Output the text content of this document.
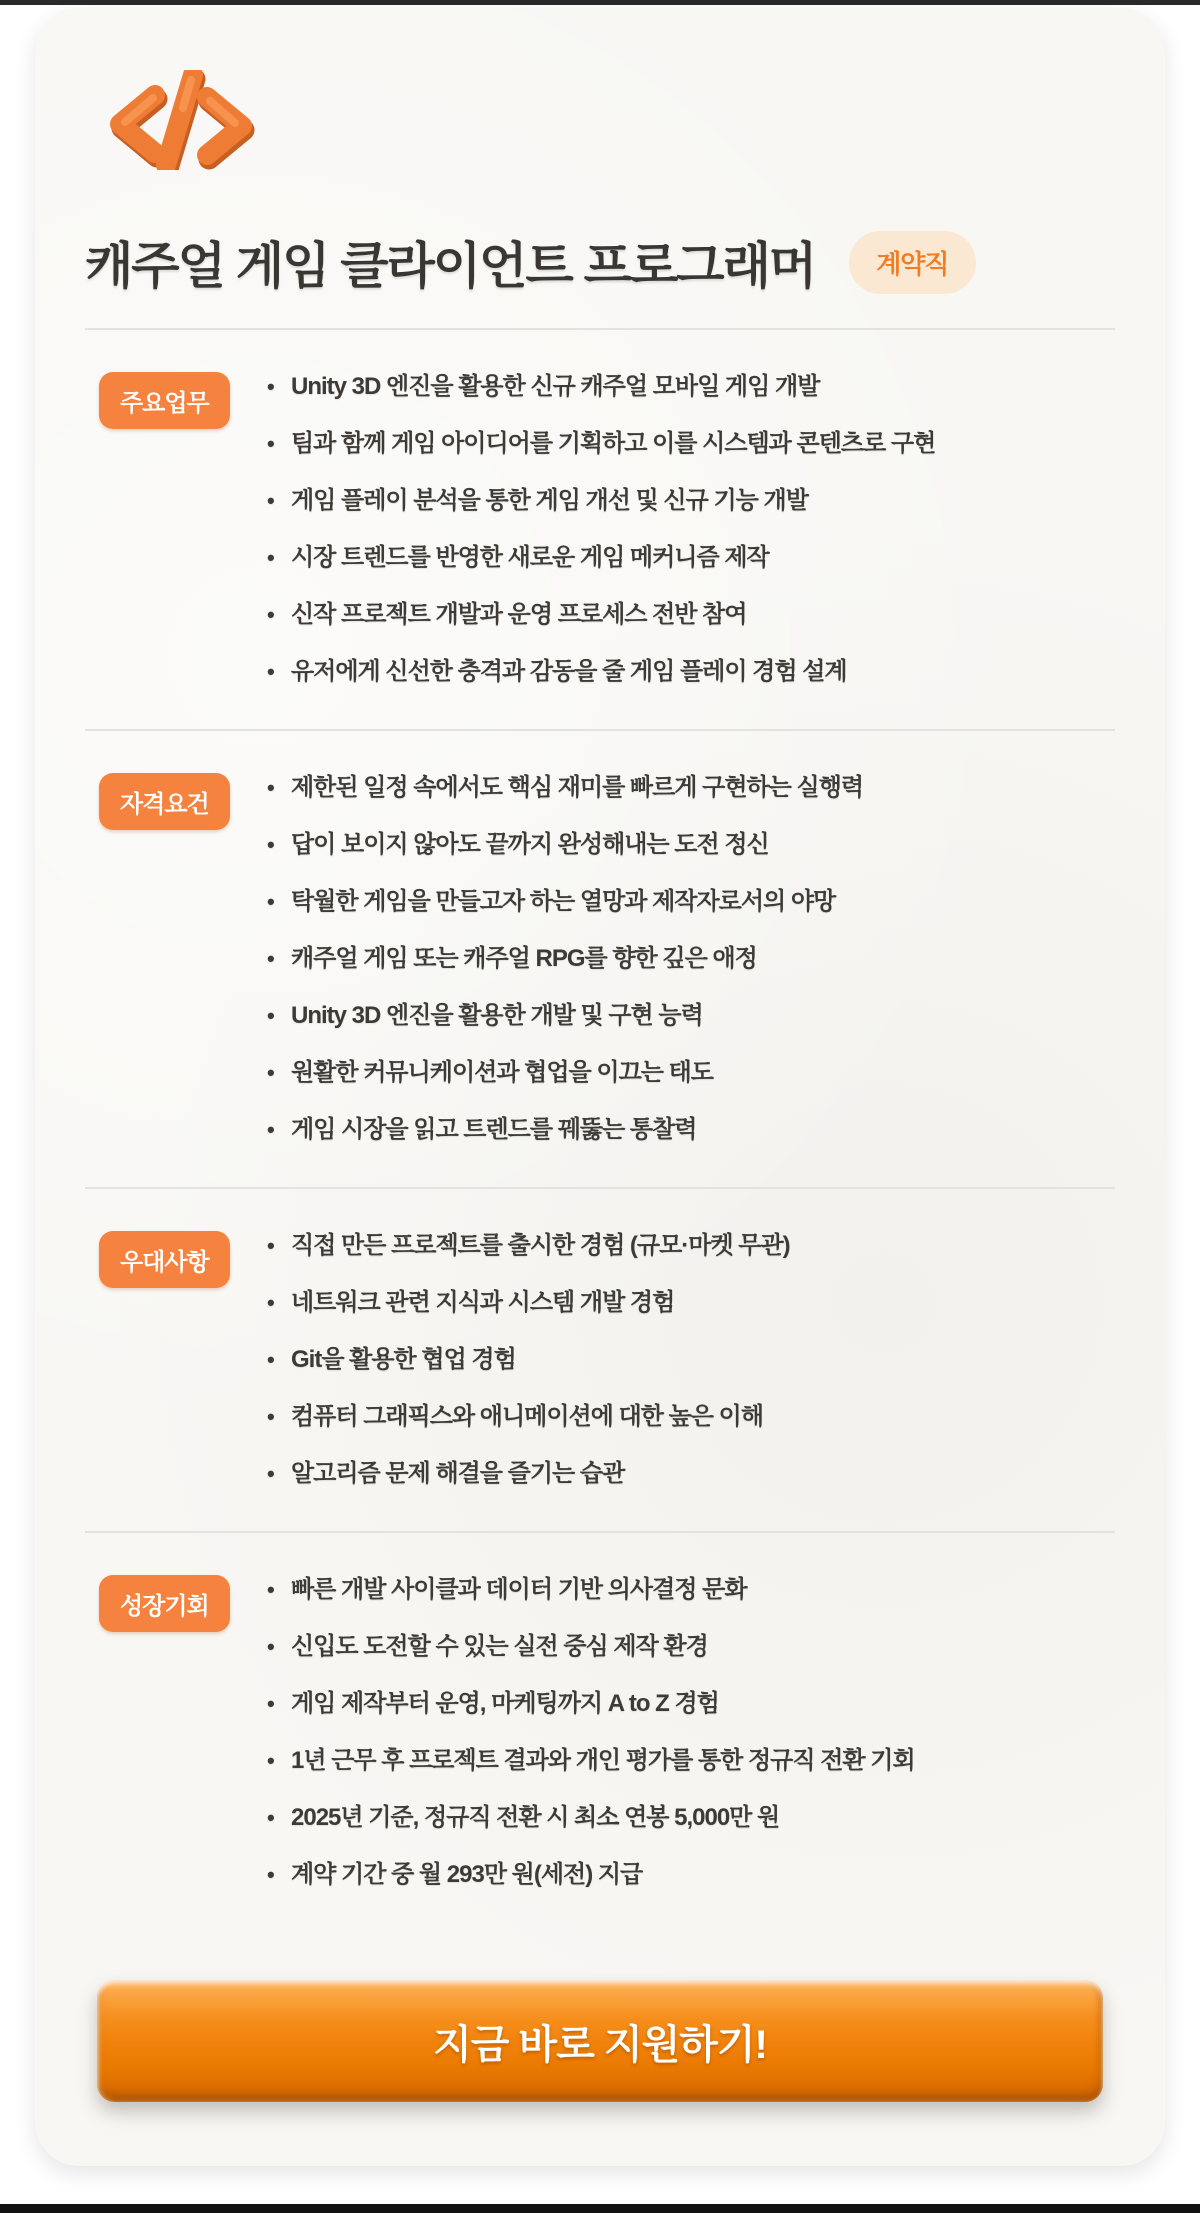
캐주얼 게임 클라이언트 프로그래머	계약직
주요업무
• Unity 3D 엔진을 활용한 신규 캐주얼 모바일 게임 개발
• 팀과 함께 게임 아이디어를 기획하고 이를 시스템과 콘텐츠로 구현
• 게임 플레이 분석을 통한 게임 개선 및 신규 기능 개발
• 시장 트렌드를 반영한 새로운 게임 메커니즘 제작
• 신작 프로젝트 개발과 운영 프로세스 전반 참여
• 유저에게 신선한 충격과 감동을 줄 게임 플레이 경험 설계
자격요건
• 제한된 일정 속에서도 핵심 재미를 빠르게 구현하는 실행력
• 답이 보이지 않아도 끝까지 완성해내는 도전 정신
• 탁월한 게임을 만들고자 하는 열망과 제작자로서의 야망
• 캐주얼 게임 또는 캐주얼 RPG를 향한 깊은 애정
• Unity 3D 엔진을 활용한 개발 및 구현 능력
• 원활한 커뮤니케이션과 협업을 이끄는 태도
• 게임 시장을 읽고 트렌드를 꿰뚫는 통찰력
우대사항
• 직접 만든 프로젝트를 출시한 경험 (규모·마켓 무관)
• 네트워크 관련 지식과 시스템 개발 경험
• Git을 활용한 협업 경험
• 컴퓨터 그래픽스와 애니메이션에 대한 높은 이해
• 알고리즘 문제 해결을 즐기는 습관
성장기회
• 빠른 개발 사이클과 데이터 기반 의사결정 문화
• 신입도 도전할 수 있는 실전 중심 제작 환경
• 게임 제작부터 운영, 마케팅까지 A to Z 경험
• 1년 근무 후 프로젝트 결과와 개인 평가를 통한 정규직 전환 기회
• 2025년 기준, 정규직 전환 시 최소 연봉 5,000만 원
• 계약 기간 중 월 293만 원(세전) 지급
지금 바로 지원하기!
